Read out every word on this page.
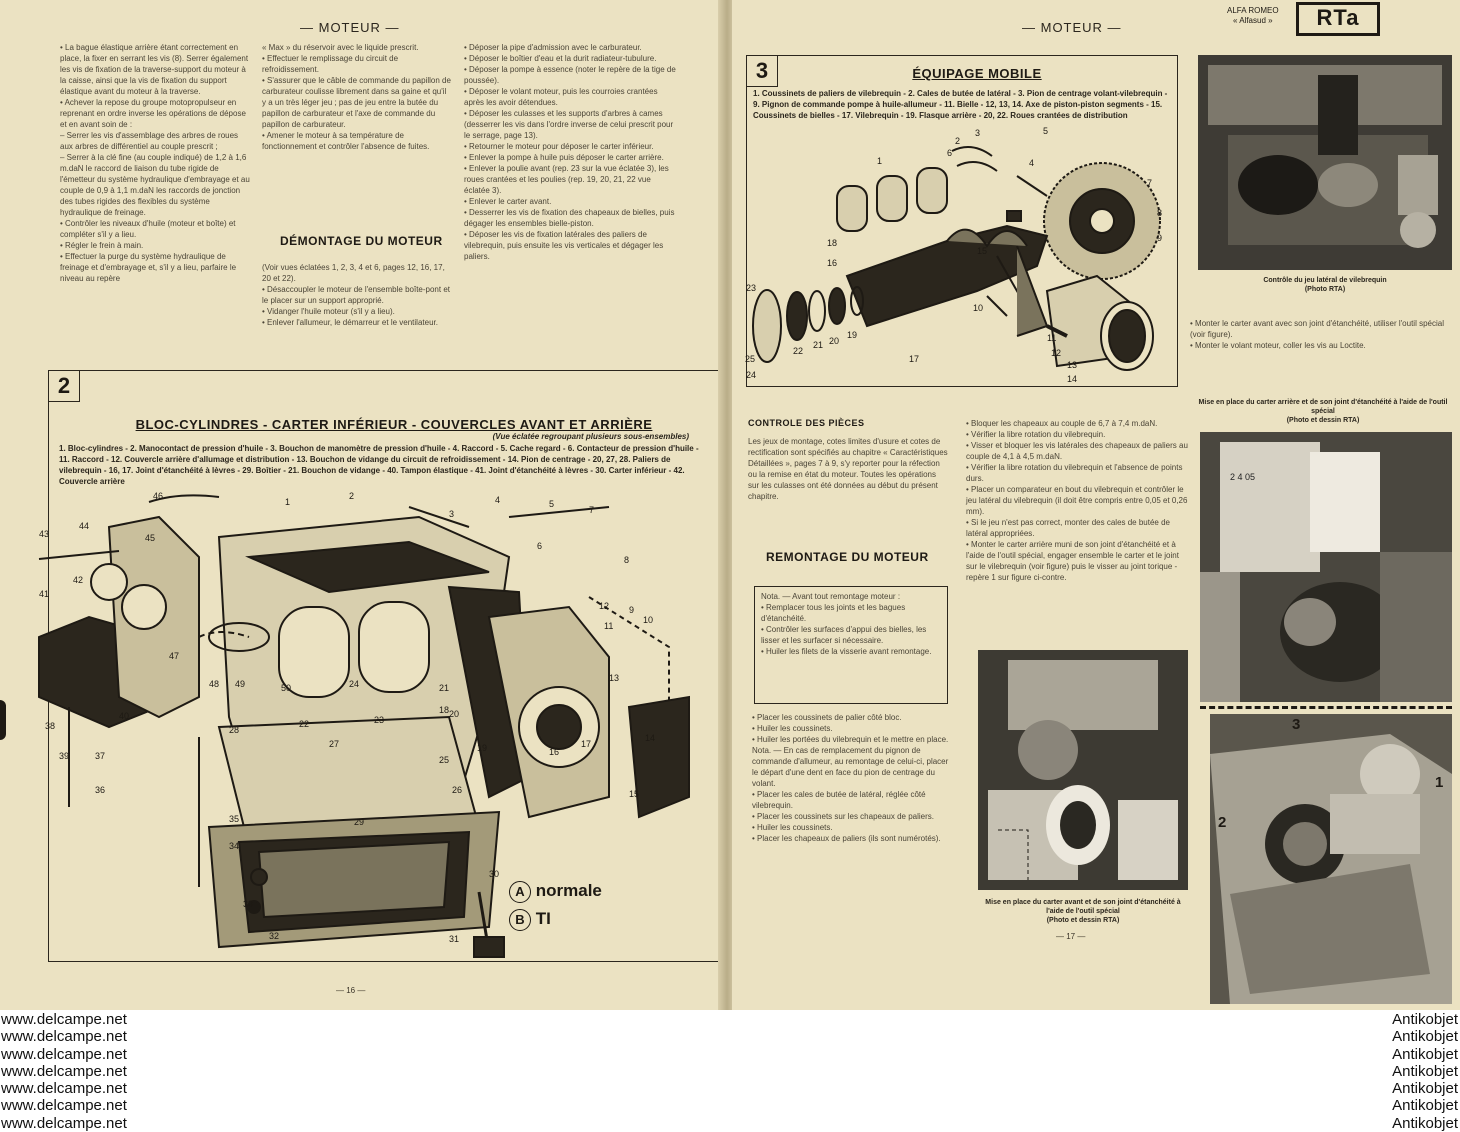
— MOTEUR —
• La bague élastique arrière étant correctement en place, la fixer en serrant les vis (8). Serrer également les vis de fixation de la traverse-support du moteur à la caisse, ainsi que la vis de fixation du support élastique avant du moteur à la traverse.
• Achever la repose du groupe motopropulseur en reprenant en ordre inverse les opérations de dépose et en avant soin de :
– Serrer les vis d'assemblage des arbres de roues aux arbres de différentiel au couple prescrit ;
– Serrer à la clé fine (au couple indiqué) de 1,2 à 1,6 m.daN le raccord de liaison du tube rigide de l'émetteur du système hydraulique d'embrayage et au couple de 0,9 à 1,1 m.daN les raccords de jonction des tubes rigides des flexibles du système hydraulique de freinage.
• Contrôler les niveaux d'huile (moteur et boîte) et compléter s'il y a lieu.
• Régler le frein à main.
• Effectuer la purge du système hydraulique de freinage et d'embrayage et, s'il y a lieu, parfaire le niveau au repère
« Max » du réservoir avec le liquide prescrit.
• Effectuer le remplissage du circuit de refroidissement.
• S'assurer que le câble de commande du papillon de carburateur coulisse librement dans sa gaine et qu'il y a un très léger jeu ; pas de jeu entre la butée du papillon de carburateur et l'axe de commande du papillon de carburateur.
• Amener le moteur à sa température de fonctionnement et contrôler l'absence de fuites.
DÉMONTAGE DU MOTEUR
(Voir vues éclatées 1, 2, 3, 4 et 6, pages 12, 16, 17, 20 et 22).
• Désaccoupler le moteur de l'ensemble boîte-pont et le placer sur un support approprié.
• Vidanger l'huile moteur (s'il y a lieu).
• Enlever l'allumeur, le démarreur et le ventilateur.
• Déposer la pipe d'admission avec le carburateur.
• Déposer le boîtier d'eau et la durit radiateur-tubulure.
• Déposer la pompe à essence (noter le repère de la tige de poussée).
• Déposer le volant moteur, puis les courroies crantées après les avoir détendues.
• Déposer les culasses et les supports d'arbres à cames (desserrer les vis dans l'ordre inverse de celui prescrit pour le serrage, page 13).
• Retourner le moteur pour déposer le carter inférieur.
• Enlever la pompe à huile puis déposer le carter arrière.
• Enlever la poulie avant (rep. 23 sur la vue éclatée 3), les roues crantées et les poulies (rep. 19, 20, 21, 22 vue éclatée 3).
• Enlever le carter avant.
• Desserrer les vis de fixation des chapeaux de bielles, puis dégager les ensembles bielle-piston.
• Déposer les vis de fixation latérales des paliers de vilebrequin, puis ensuite les vis verticales et dégager les paliers.
2
BLOC-CYLINDRES - CARTER INFÉRIEUR - COUVERCLES AVANT ET ARRIÈRE
(Vue éclatée regroupant plusieurs sous-ensembles)
1. Bloc-cylindres - 2. Manocontact de pression d'huile - 3. Bouchon de manomètre de pression d'huile - 4. Raccord - 5. Cache regard - 6. Contacteur de pression d'huile - 11. Raccord - 12. Couvercle arrière d'allumage et distribution - 13. Bouchon de vidange du circuit de refroidissement - 14. Pion de centrage - 20, 27, 28. Paliers de vilebrequin - 16, 17. Joint d'étanchéité à lèvres - 29. Boîtier - 21. Bouchon de vidange - 40. Tampon élastique - 41. Joint d'étanchéité à lèvres - 30. Carter inférieur - 42. Couvercle arrière
1
2
3
4	5
6
7
8
9
10
11
12
13
14
15
16
17
18
19
20
21
22	23
24
25
26
27
28
29
30
31
32
33
34
35
36
37
38
39
40
41
42
43
44
45
46
47
48 49	50
A normale
B TI
— 16 —
— MOTEUR —
ALFA ROMEO
« Alfasud »	RTa
3	ÉQUIPAGE MOBILE
1. Coussinets de paliers de vilebrequin - 2. Cales de butée de latéral - 3. Pion de centrage volant-vilebrequin - 9. Pignon de commande pompe à huile-allumeur - 11. Bielle - 12, 13, 14. Axe de piston-piston segments - 15. Coussinets de bielles - 17. Vilebrequin - 19. Flasque arrière - 20, 22. Roues crantées de distribution
1
2
3
4
5
6
7
8
9
10
11
12
13
14
15
16
17
18
19
20
21
22
23
24
25
Contrôle du jeu latéral de vilebrequin
(Photo RTA)
• Monter le carter avant avec son joint d'étanchéité, utiliser l'outil spécial (voir figure).
• Monter le volant moteur, coller les vis au Loctite.
Mise en place du carter arrière et de son joint d'étanchéité à l'aide de l'outil spécial
(Photo et dessin RTA)
2 4 05
3
1
2
CONTROLE DES PIÈCES
Les jeux de montage, cotes limites d'usure et cotes de rectification sont spécifiés au chapitre « Caractéristiques Détaillées », pages 7 à 9, s'y reporter pour la réfection ou la remise en état du moteur. Toutes les opérations sur les culasses ont été données au début du présent chapitre.
REMONTAGE DU MOTEUR
Nota. — Avant tout remontage moteur :
• Remplacer tous les joints et les bagues d'étanchéité.
• Contrôler les surfaces d'appui des bielles, les lisser et les surfacer si nécessaire.
• Huiler les filets de la visserie avant remontage.
• Placer les coussinets de palier côté bloc.
• Huiler les coussinets.
• Huiler les portées du vilebrequin et le mettre en place.
Nota. — En cas de remplacement du pignon de commande d'allumeur, au remontage de celui-ci, placer le départ d'une dent en face du pion de centrage du volant.
• Placer les cales de butée de latéral, réglée côté vilebrequin.
• Placer les coussinets sur les chapeaux de paliers.
• Huiler les coussinets.
• Placer les chapeaux de paliers (ils sont numérotés).
• Bloquer les chapeaux au couple de 6,7 à 7,4 m.daN.
• Vérifier la libre rotation du vilebrequin.
• Visser et bloquer les vis latérales des chapeaux de paliers au couple de 4,1 à 4,5 m.daN.
• Vérifier la libre rotation du vilebrequin et l'absence de points durs.
• Placer un comparateur en bout du vilebrequin et contrôler le jeu latéral du vilebrequin (il doit être compris entre 0,05 et 0,26 mm).
• Si le jeu n'est pas correct, monter des cales de butée de latéral appropriées.
• Monter le carter arrière muni de son joint d'étanchéité et à l'aide de l'outil spécial, engager ensemble le carter et le joint sur le vilebrequin (voir figure) puis le visser au joint torique - repère 1 sur figure ci-contre.
Mise en place du carter avant et de son joint d'étanchéité à l'aide de l'outil spécial
(Photo et dessin RTA)
— 17 —
www.delcampe.net
www.delcampe.net
www.delcampe.net
www.delcampe.net
www.delcampe.net
www.delcampe.net
www.delcampe.net
Antikobjet
Antikobjet
Antikobjet
Antikobjet
Antikobjet
Antikobjet
Antikobjet
